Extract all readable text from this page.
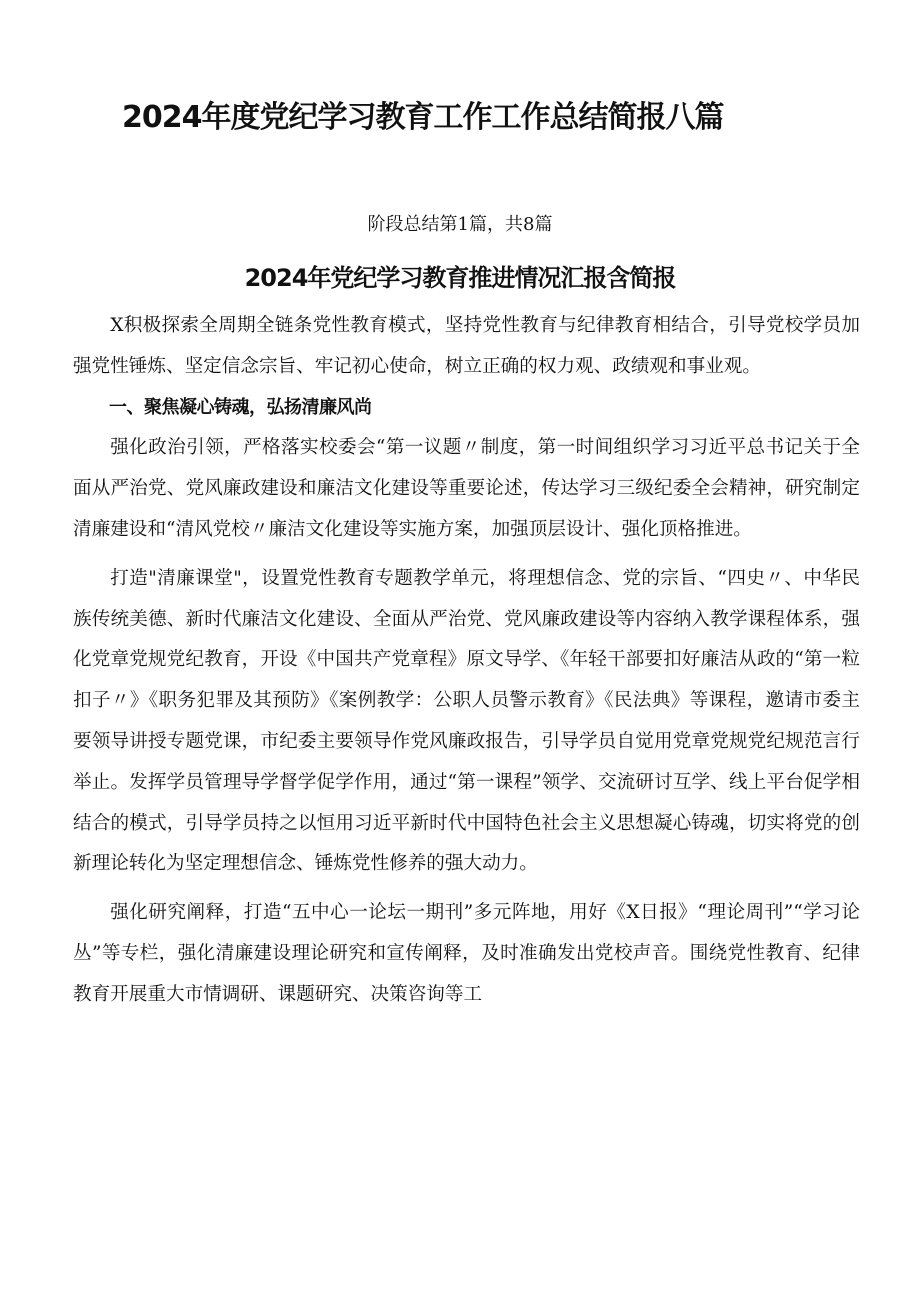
2024年度党纪学习教育工作工作总结简报八篇
阶段总结第1篇，共8篇
2024年党纪学习教育推进情况汇报含简报

X积极探索全周期全链条党性教育模式，坚持党性教育与纪律教育相结合，引导党校学员加强党性锤炼、坚定信念宗旨、牢记初心使命，树立正确的权力观、政绩观和事业观。

一、聚焦凝心铸魂，弘扬清廉风尚

强化政治引领，严格落实校委会“第一议题〃制度，第一时间组织学习习近平总书记关于全面从严治党、党风廉政建设和廉洁文化建设等重要论述，传达学习三级纪委全会精神，研究制定清廉建设和“清风党校〃廉洁文化建设等实施方案，加强顶层设计、强化顶格推进。

打造"清廉课堂"，设置党性教育专题教学单元，将理想信念、党的宗旨、“四史〃、中华民族传统美德、新时代廉洁文化建设、全面从严治党、党风廉政建设等内容纳入教学课程体系，强化党章党规党纪教育，开设《中国共产党章程》原文导学、《年轻干部要扣好廉洁从政的“第一粒扣子〃》《职务犯罪及其预防》《案例教学：公职人员警示教育》《民法典》等课程，邀请市委主要领导讲授专题党课，市纪委主要领导作党风廉政报告，引导学员自觉用党章党规党纪规范言行举止。发挥学员管理导学督学促学作用，通过“第一课程”领学、交流研讨互学、线上平台促学相结合的模式，引导学员持之以恒用习近平新时代中国特色社会主义思想凝心铸魂，切实将党的创新理论转化为坚定理想信念、锤炼党性修养的强大动力。

强化研究阐释，打造“五中心一论坛一期刊”多元阵地，用好《X日报》“理论周刊”“学习论丛”等专栏，强化清廉建设理论研究和宣传阐释，及时准确发出党校声音。围绕党性教育、纪律教育开展重大市情调研、课题研究、决策咨询等工
